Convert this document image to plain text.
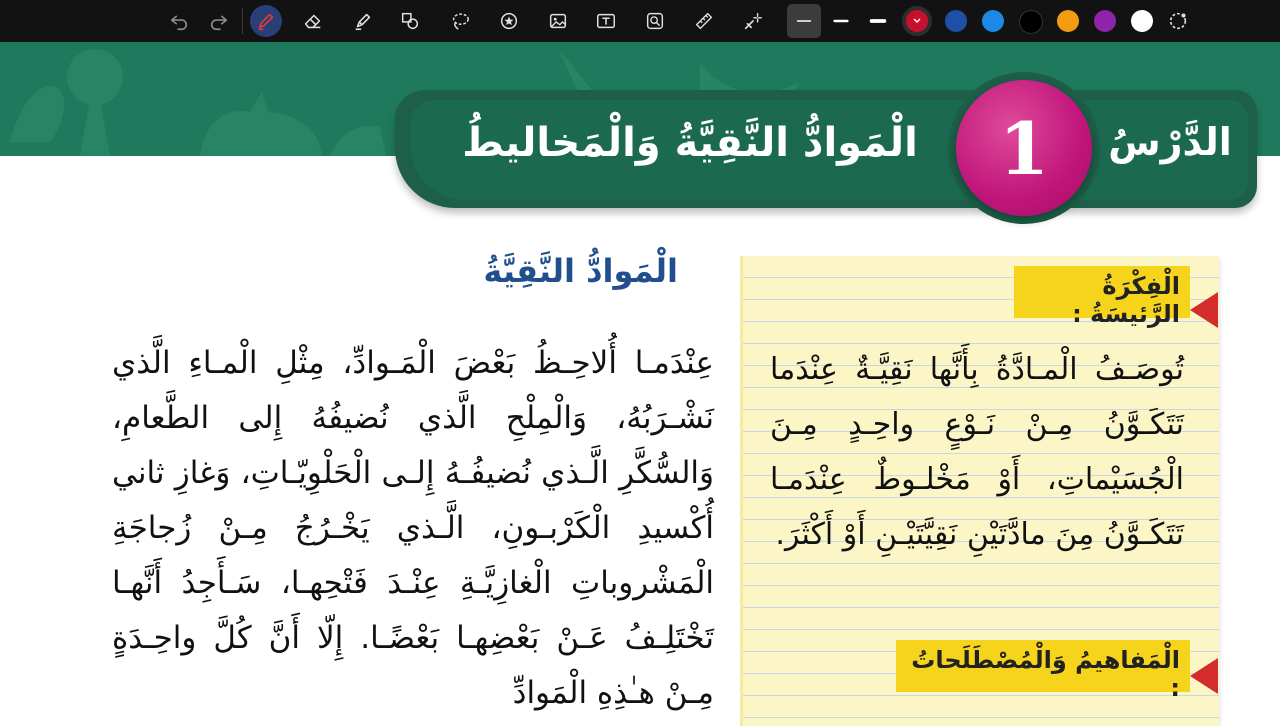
الدَّرْسُ
1
الْمَوادُّ النَّقِيَّةُ وَالْمَخاليطُ
الْفِكْرَةُ الرَّئيسَةُ :
تُوصَـفُ الْمـادَّةُ بِأَنَّها نَقِيَّـةٌ عِنْدَما تَتَكَـوَّنُ مِـنْ نَـوْعٍ واحِـدٍ مِـنَ الْجُسَيْماتِ، أَوْ مَخْلـوطٌ عِنْدَمـا تَتَكَـوَّنُ مِنَ مادَّتَيْنِ نَقِيَّتَيْـنِ أَوْ أَكْثَرَ.
الْمَفاهيمُ وَالْمُصْطَلَحاتُ :
الْمَوادُّ النَّقِيَّةُ
عِنْدَمـا أُلاحِـظُ بَعْضَ الْمَـوادِّ، مِثْلِ الْمـاءِ الَّذي نَشْـرَبُهُ، وَالْمِلْحِ الَّذي نُضيفُهُ إِلى الطَّعامِ، وَالسُّكَّرِ الَّـذي نُضيفُـهُ إِلـى الْحَلْوِيّـاتِ، وَغازِ ثاني أُكْسيدِ الْكَرْبـونِ، الَّـذي يَخْـرُجُ مِـنْ زُجاجَةِ الْمَشْروباتِ الْغازِيَّـةِ عِنْـدَ فَتْحِهـا، سَـأَجِدُ أَنَّهـا تَخْتَلِـفُ عَـنْ بَعْضِهـا بَعْضًـا. إِلّا أَنَّ كُلَّ واحِـدَةٍ مِـنْ هـٰذِهِ الْمَوادِّ
